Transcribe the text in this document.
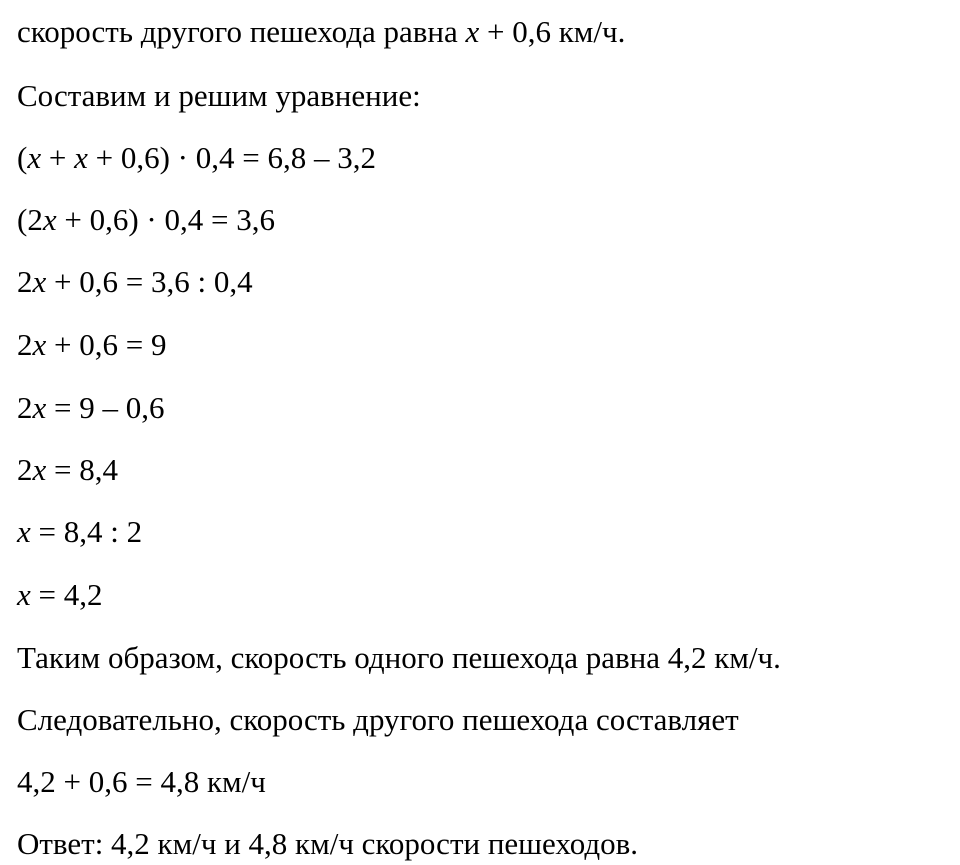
скорость другого пешехода равна x + 0,6 км/ч.
Составим и решим уравнение:
(x + x + 0,6) · 0,4 = 6,8 – 3,2
(2x + 0,6) · 0,4 = 3,6
2x + 0,6 = 3,6 : 0,4
2x + 0,6 = 9
2x = 9 – 0,6
2x = 8,4
x = 8,4 : 2
x = 4,2
Таким образом, скорость одного пешехода равна 4,2 км/ч.
Следовательно, скорость другого пешехода составляет
4,2 + 0,6 = 4,8 км/ч
Ответ: 4,2 км/ч и 4,8 км/ч скорости пешеходов.
